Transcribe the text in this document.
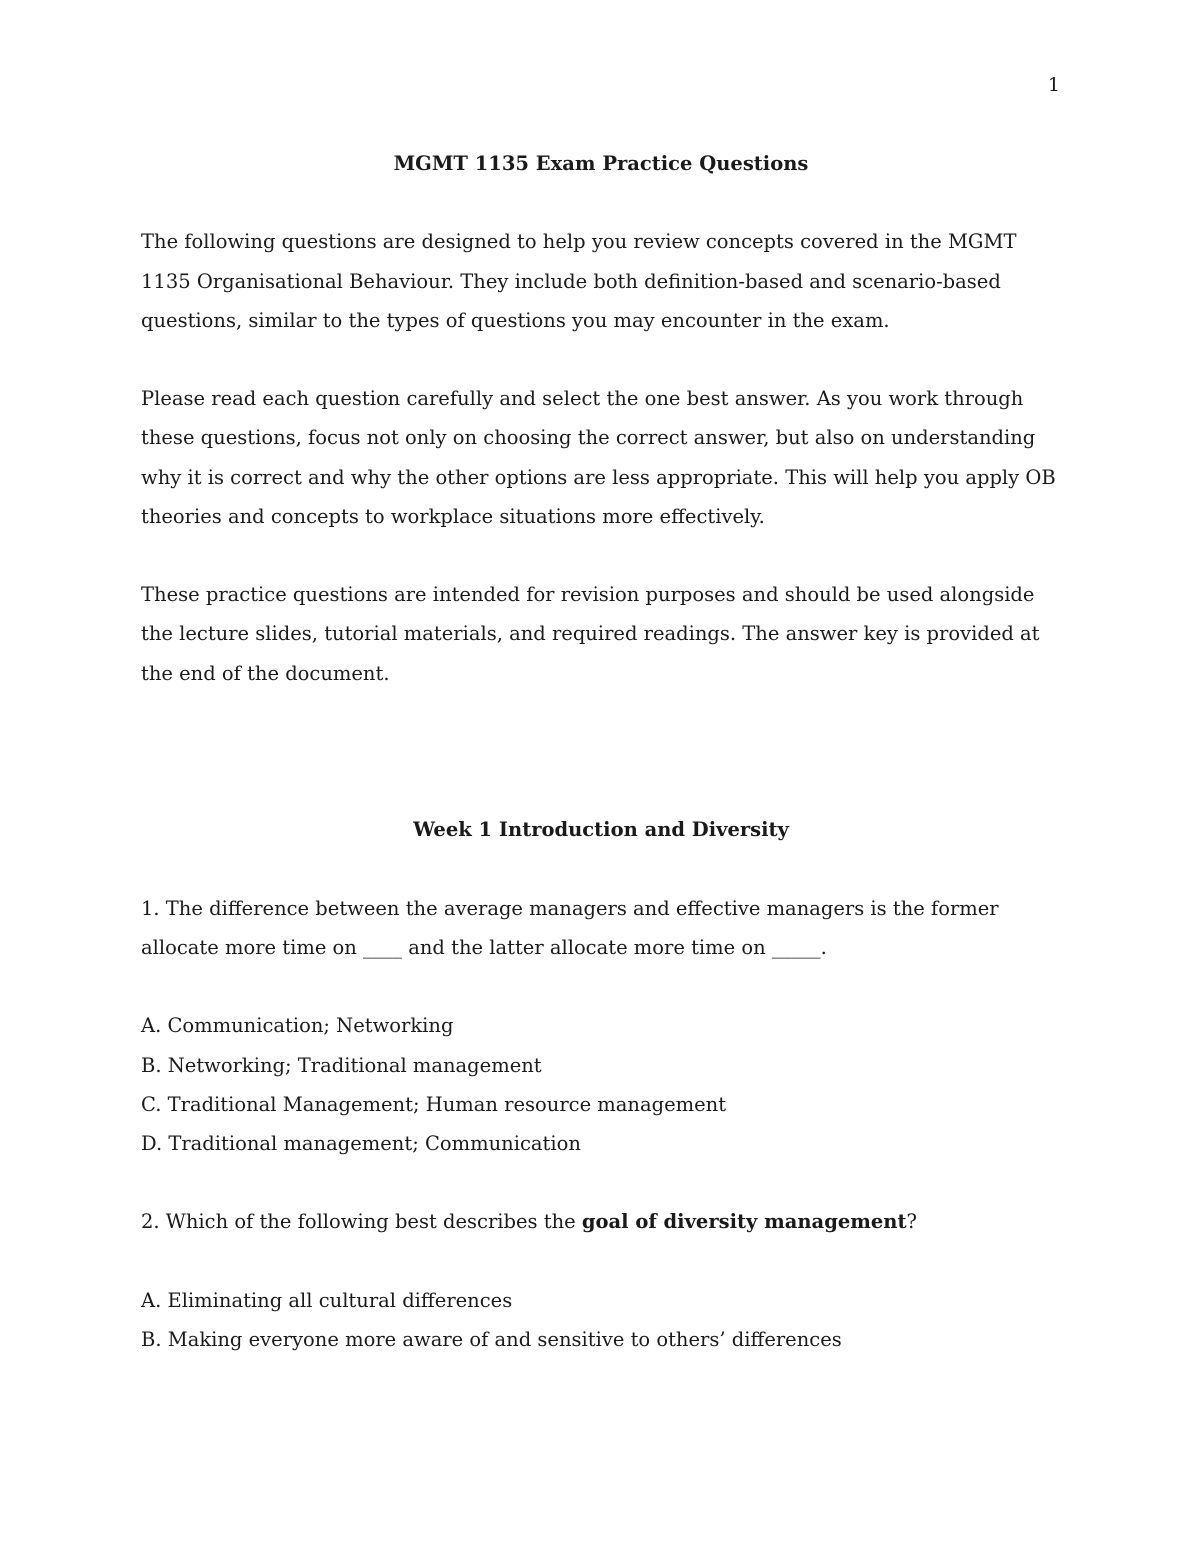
1

MGMT 1135 Exam Practice Questions

The following questions are designed to help you review concepts covered in the MGMT 1135 Organisational Behaviour. They include both definition-based and scenario-based questions, similar to the types of questions you may encounter in the exam.

Please read each question carefully and select the one best answer. As you work through these questions, focus not only on choosing the correct answer, but also on understanding why it is correct and why the other options are less appropriate. This will help you apply OB theories and concepts to workplace situations more effectively.

These practice questions are intended for revision purposes and should be used alongside the lecture slides, tutorial materials, and required readings. The answer key is provided at the end of the document.

Week 1 Introduction and Diversity

1. The difference between the average managers and effective managers is the former allocate more time on ____ and the latter allocate more time on _____.

A. Communication; Networking

B. Networking; Traditional management

C. Traditional Management; Human resource management

D. Traditional management; Communication

2. Which of the following best describes the goal of diversity management?

A. Eliminating all cultural differences

B. Making everyone more aware of and sensitive to others’ differences
